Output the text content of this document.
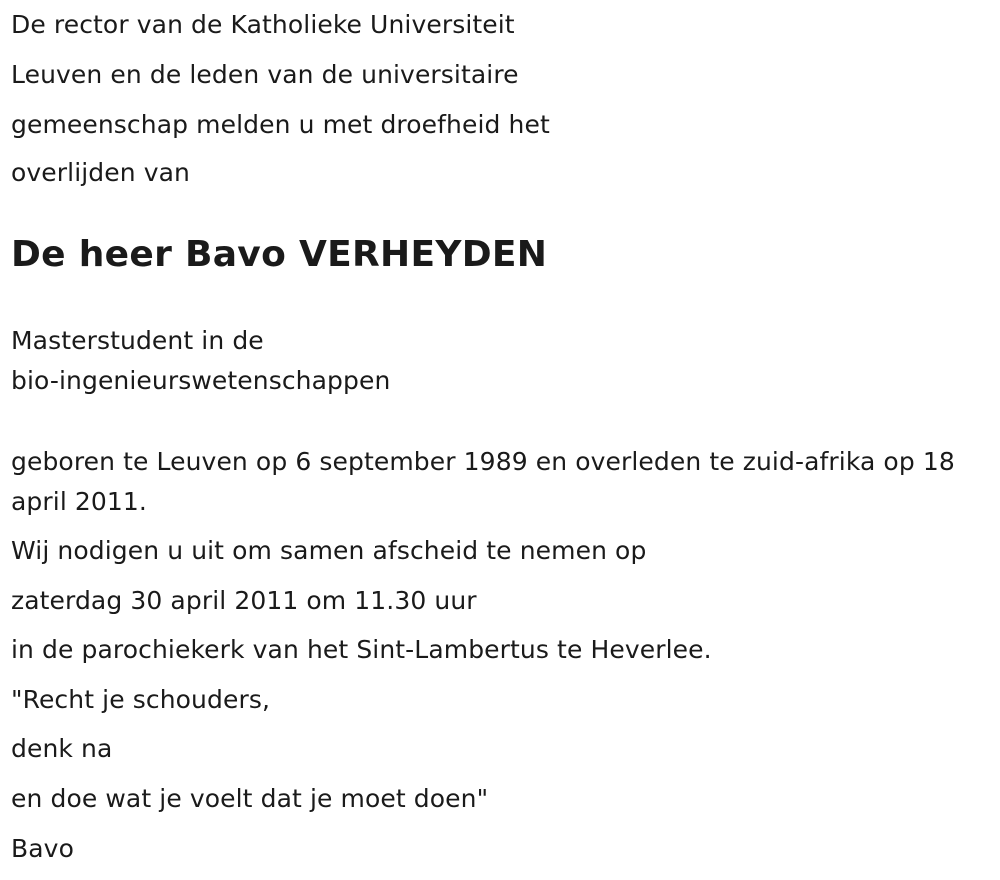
De rector van de Katholieke Universiteit
Leuven en de leden van de universitaire
gemeenschap melden u met droefheid het
overlijden van
De heer Bavo VERHEYDEN
Masterstudent in de
bio-ingenieurswetenschappen
geboren te Leuven op 6 september 1989 en overleden te zuid-afrika op 18 april 2011.
Wij nodigen u uit om samen afscheid te nemen op
zaterdag 30 april 2011 om 11.30 uur
in de parochiekerk van het Sint-Lambertus te Heverlee.
"Recht je schouders,
denk na
en doe wat je voelt dat je moet doen"
Bavo
